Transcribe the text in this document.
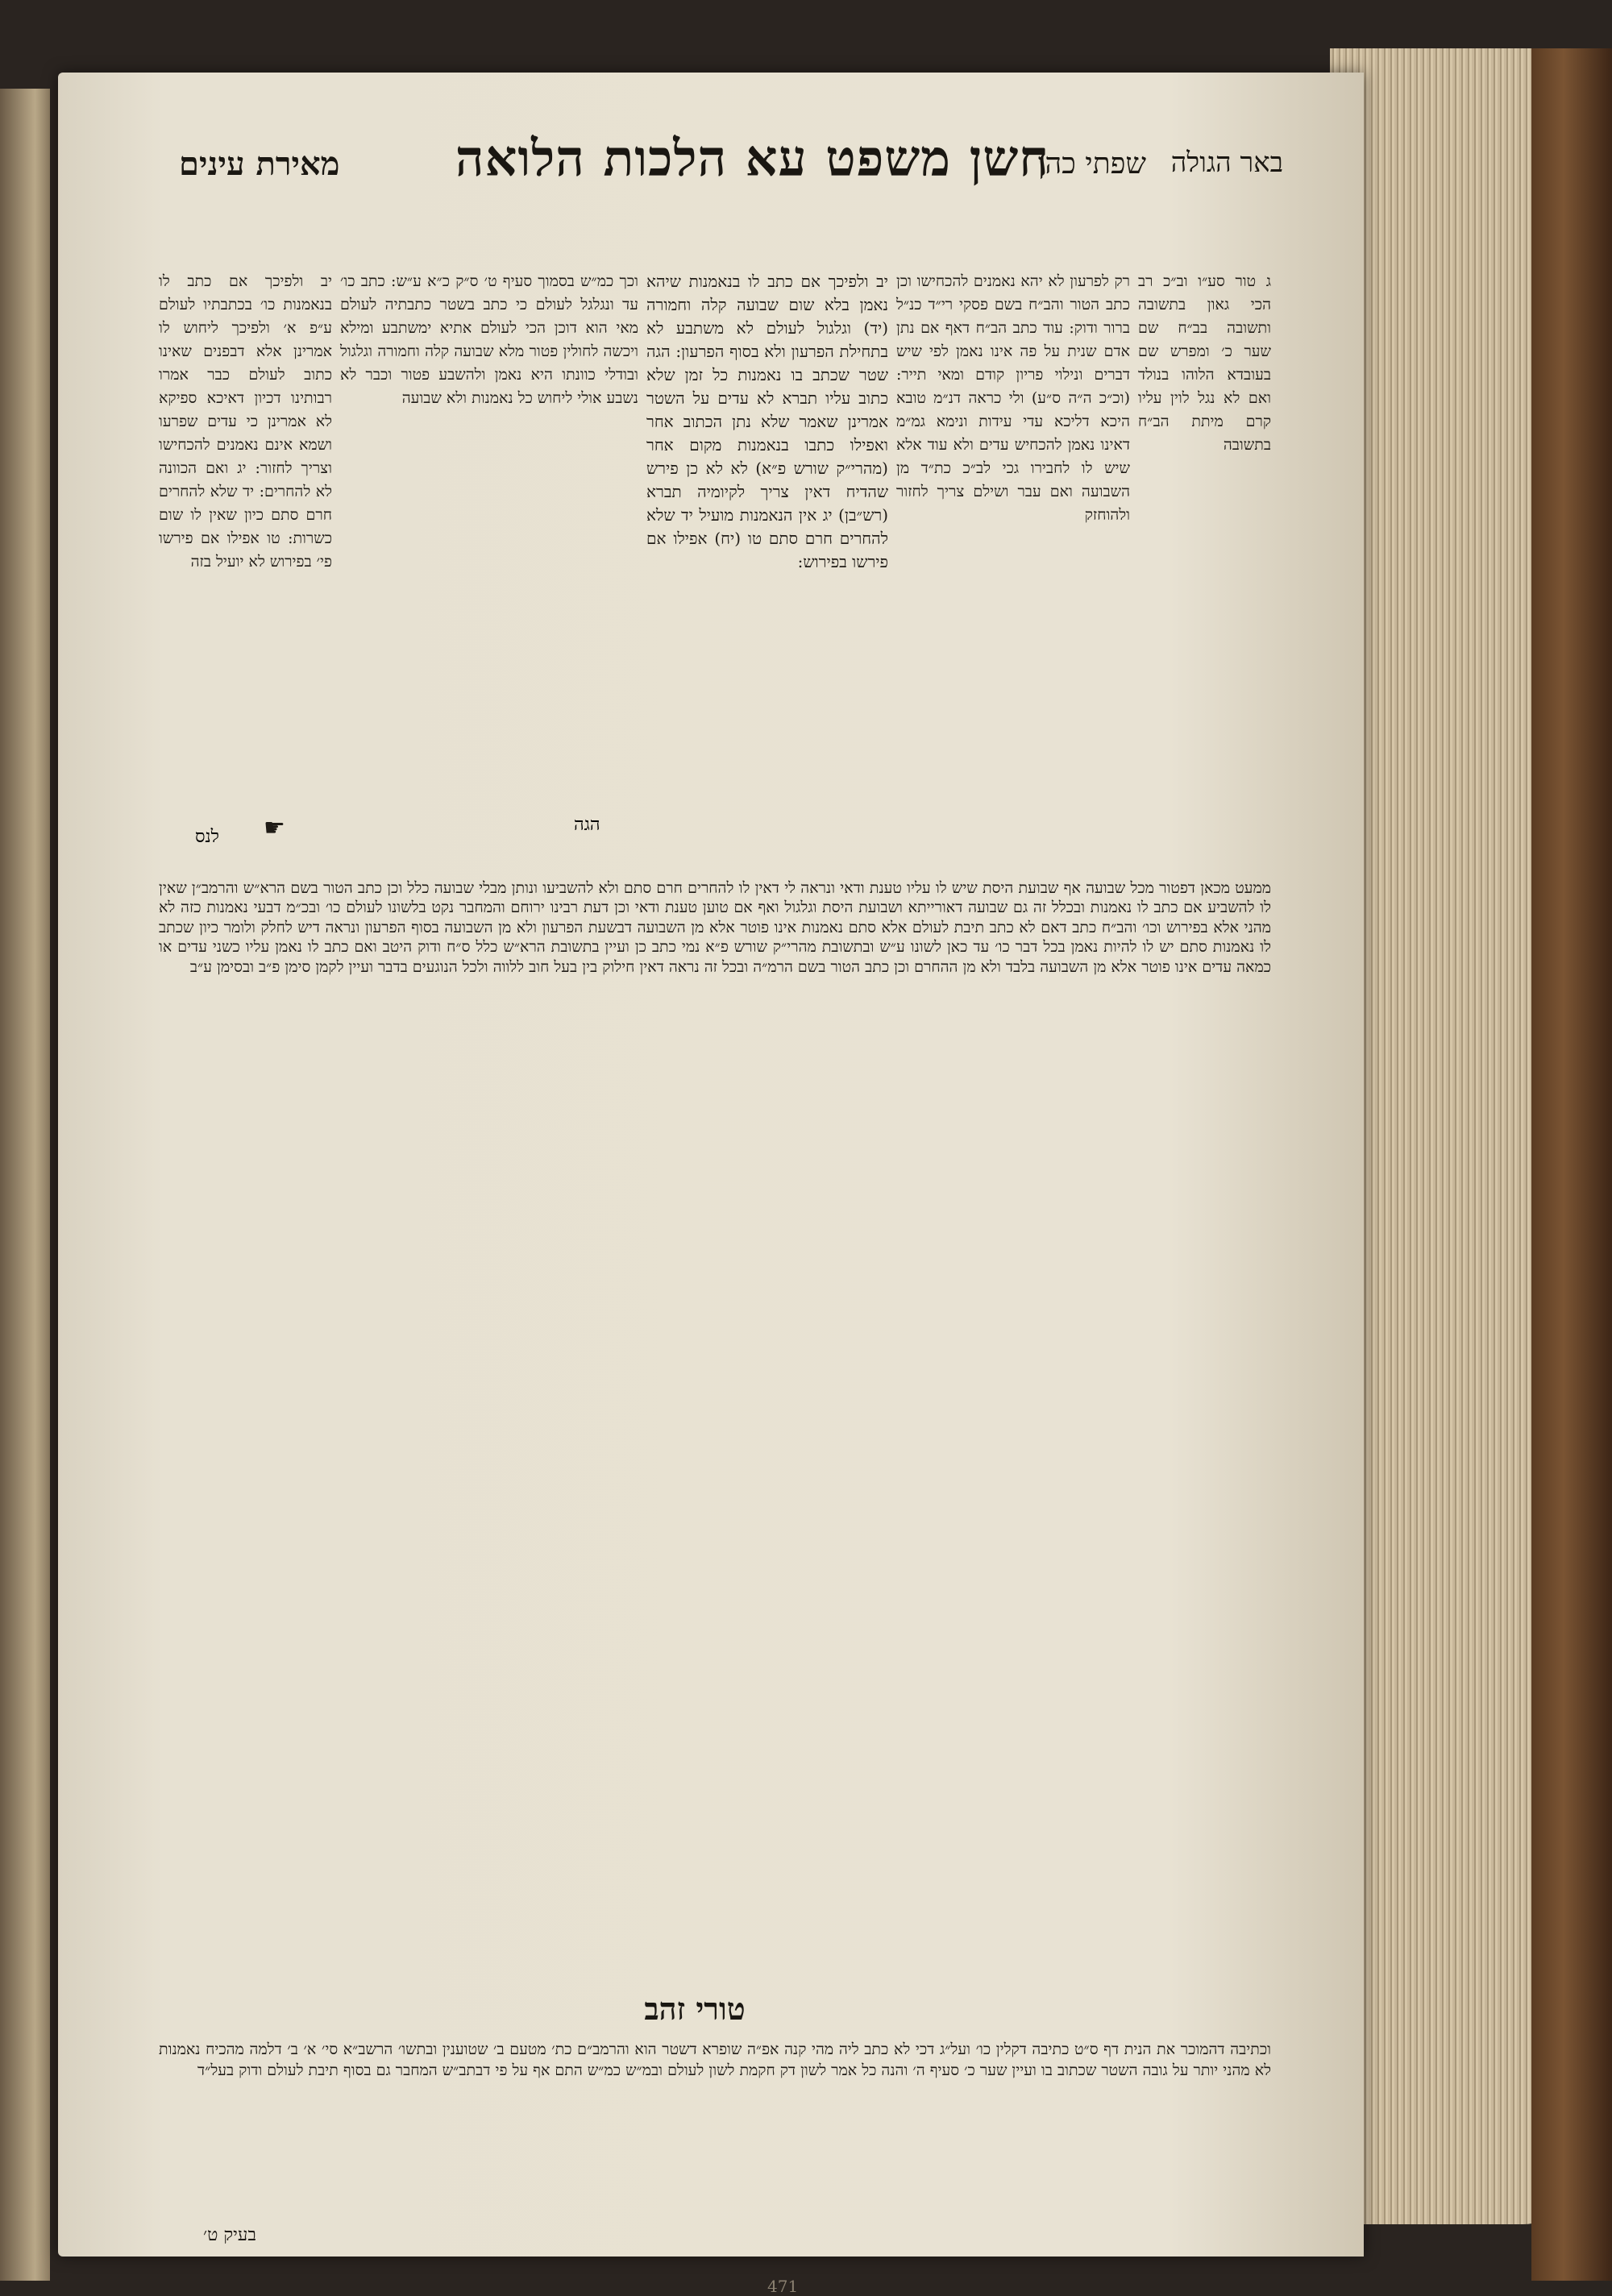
באר הגולה
שפתי כהן
חשן משפט עא הלכות הלואה
מאירת עינים

ג טור סע״ו וב״כ רב הכי גאון בתשובה ותשובה בב״ח שם שער כ׳ ומפרש שם בעובדא הלוהו בנולד ואם לא נגל לוין עליו קרם מיתת הב״ח בתשובה

רק לפרעון לא יהא נאמנים להכחישו וכן כתב הטור והב״ח בשם פסקי רי״ד כנ״ל ברור ודוק: עוד כתב הב״ח דאף אם נתן אדם שנית על פה אינו נאמן לפי שיש דברים ונילוי פריון קודם ומאי תייר: (וכ״כ ה״ה ס״ע) ולי כראה דנ״מ טובא היכא דליכא עדי עידות ונימא גמ״מ דאינו נאמן להכחיש עדים ולא עוד אלא שיש לו לחבירו גכי לב״כ כת״ד מן השבועה ואם עבר ושילם צריך לחזור ולהוחזק

יב ולפיכך אם כתב לו בנאמנות שיהא נאמן בלא שום שבועה קלה וחמורה (יד) וגלגול לעולם לא משתבע לא בתחילת הפרעון ולא בסוף הפרעון: הגה שטר שכתב בו נאמנות כל זמן שלא כתוב עליו תברא לא עדים על השטר אמרינן שאמר שלא נתן הכתוב אחר ואפילו כתבו בנאמנות מקום אחר (מהרי״ק שורש פ״א) לא לא כן פירש שהדיח דאין צריך לקיומיה תברא (רש״בן) יג אין הנאמנות מועיל יד שלא להחרים חרם סתם טו (יח) אפילו אם פירשו בפירוש:

וכך כמ״ש בסמוך סעיף ט׳ ס״ק כ״א ע״ש: כתב כו׳ עד ונגלגל לעולם כי כתב בשטר כתבתיה לעולם מאי הוא דוכן הכי לעולם אתיא ימשתבע ומילא ויכשה לחולין פטור מלא שבועה קלה וחמורה וגלגול ובודלי כוונתו היא נאמן ולהשבע פטור וכבר לא נשבע אולי ליחוש כל נאמנות ולא שבועה

יב ולפיכך אם כתב לו בנאמנות כו׳ בכתבתיו לעולם ע״פ א׳ ולפיכך ליחוש לו אמרינן אלא דבפנים שאינו כתוב לעולם כבר אמרו רבותינו דכיון דאיכא ספיקא לא אמרינן כי עדים שפרעו ושמא אינם נאמנים להכחישו וצריך לחזור: יג ואם הכוונה לא להחרים: יד שלא להחרים חרם סתם כיון שאין לו שום כשרות: טו אפילו אם פירשו פי׳ בפירוש לא יועיל בזה

הגה
☛
לנס

ממעט מכאן דפטור מכל שבועה אף שבועת היסת שיש לו עליו טענת ודאי ונראה לי דאין לו להחרים חרם סתם ולא להשביעו ונותן מבלי שבועה כלל וכן כתב הטור בשם הרא״ש והרמב״ן שאין לו להשביע אם כתב לו נאמנות ובכלל זה גם שבועה דאורייתא ושבועת היסת וגלגול ואף אם טוען טענת ודאי וכן דעת רבינו ירוחם והמחבר נקט בלשונו לעולם כו׳ ובכ״מ דבעי נאמנות כזה לא מהני אלא בפירוש וכו׳ והב״ח כתב דאם לא כתב תיבת לעולם אלא סתם נאמנות אינו פוטר אלא מן השבועה דבשעת הפרעון ולא מן השבועה בסוף הפרעון ונראה דיש לחלק ולומר כיון שכתב לו נאמנות סתם יש לו להיות נאמן בכל דבר כו׳ עד כאן לשונו ע״ש ובתשובת מהרי״ק שורש פ״א נמי כתב כן ועיין בתשובת הרא״ש כלל ס״ח ודוק היטב ואם כתב לו נאמן עליו כשני עדים או כמאה עדים אינו פוטר אלא מן השבועה בלבד ולא מן ההחרם וכן כתב הטור בשם הרמ״ה ובכל זה נראה דאין חילוק בין בעל חוב ללווה ולכל הנוגעים בדבר ועיין לקמן סימן פ״ב ובסימן ע״ב

טורי זהב

וכתיבה דהמוכר את הנית דף ס״ט כתיבה דקלין כו׳ ועל״ג דכי לא כתב ליה מהי קנה אפ״ה שופרא דשטר הוא והרמב״ם כת׳ מטעם ב׳ שטוענין ובתשו׳ הרשב״א סי׳ א׳ ב׳ דלמה מהכיח נאמנות לא מהני יותר על גובה השטר שכתוב בו ועיין שער כ׳ סעיף ה׳ והנה כל אמר לשון דק חקמת לשון לעולם ובמ״ש כמ״ש התם אף על פי דבתב״ש המחבר גם בסוף תיבת לעולם ודוק בעל״ד

בעיק ט׳
471
